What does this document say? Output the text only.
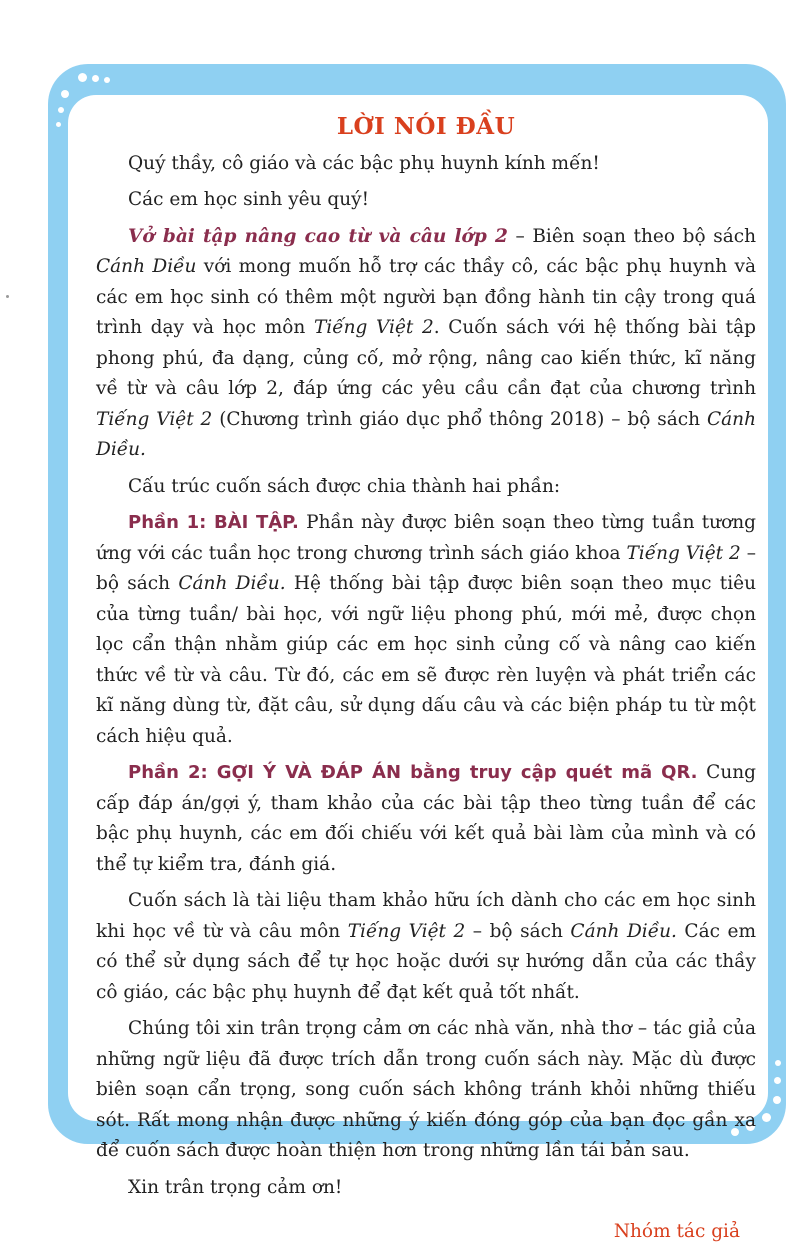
LỜI NÓI ĐẦU

Quý thầy, cô giáo và các bậc phụ huynh kính mến!

Các em học sinh yêu quý!

Vở bài tập nâng cao từ và câu lớp 2 – Biên soạn theo bộ sách Cánh Diều với mong muốn hỗ trợ các thầy cô, các bậc phụ huynh và các em học sinh có thêm một người bạn đồng hành tin cậy trong quá trình dạy và học môn Tiếng Việt 2. Cuốn sách với hệ thống bài tập phong phú, đa dạng, củng cố, mở rộng, nâng cao kiến thức, kĩ năng về từ và câu lớp 2, đáp ứng các yêu cầu cần đạt của chương trình Tiếng Việt 2 (Chương trình giáo dục phổ thông 2018) – bộ sách Cánh Diều.

Cấu trúc cuốn sách được chia thành hai phần:

Phần 1: BÀI TẬP. Phần này được biên soạn theo từng tuần tương ứng với các tuần học trong chương trình sách giáo khoa Tiếng Việt 2 – bộ sách Cánh Diều. Hệ thống bài tập được biên soạn theo mục tiêu của từng tuần/ bài học, với ngữ liệu phong phú, mới mẻ, được chọn lọc cẩn thận nhằm giúp các em học sinh củng cố và nâng cao kiến thức về từ và câu. Từ đó, các em sẽ được rèn luyện và phát triển các kĩ năng dùng từ, đặt câu, sử dụng dấu câu và các biện pháp tu từ một cách hiệu quả.

Phần 2: GỢI Ý VÀ ĐÁP ÁN bằng truy cập quét mã QR. Cung cấp đáp án/gợi ý, tham khảo của các bài tập theo từng tuần để các bậc phụ huynh, các em đối chiếu với kết quả bài làm của mình và có thể tự kiểm tra, đánh giá.

Cuốn sách là tài liệu tham khảo hữu ích dành cho các em học sinh khi học về từ và câu môn Tiếng Việt 2 – bộ sách Cánh Diều. Các em có thể sử dụng sách để tự học hoặc dưới sự hướng dẫn của các thầy cô giáo, các bậc phụ huynh để đạt kết quả tốt nhất.

Chúng tôi xin trân trọng cảm ơn các nhà văn, nhà thơ – tác giả của những ngữ liệu đã được trích dẫn trong cuốn sách này. Mặc dù được biên soạn cẩn trọng, song cuốn sách không tránh khỏi những thiếu sót. Rất mong nhận được những ý kiến đóng góp của bạn đọc gần xa để cuốn sách được hoàn thiện hơn trong những lần tái bản sau.

Xin trân trọng cảm ơn!

Nhóm tác giả
